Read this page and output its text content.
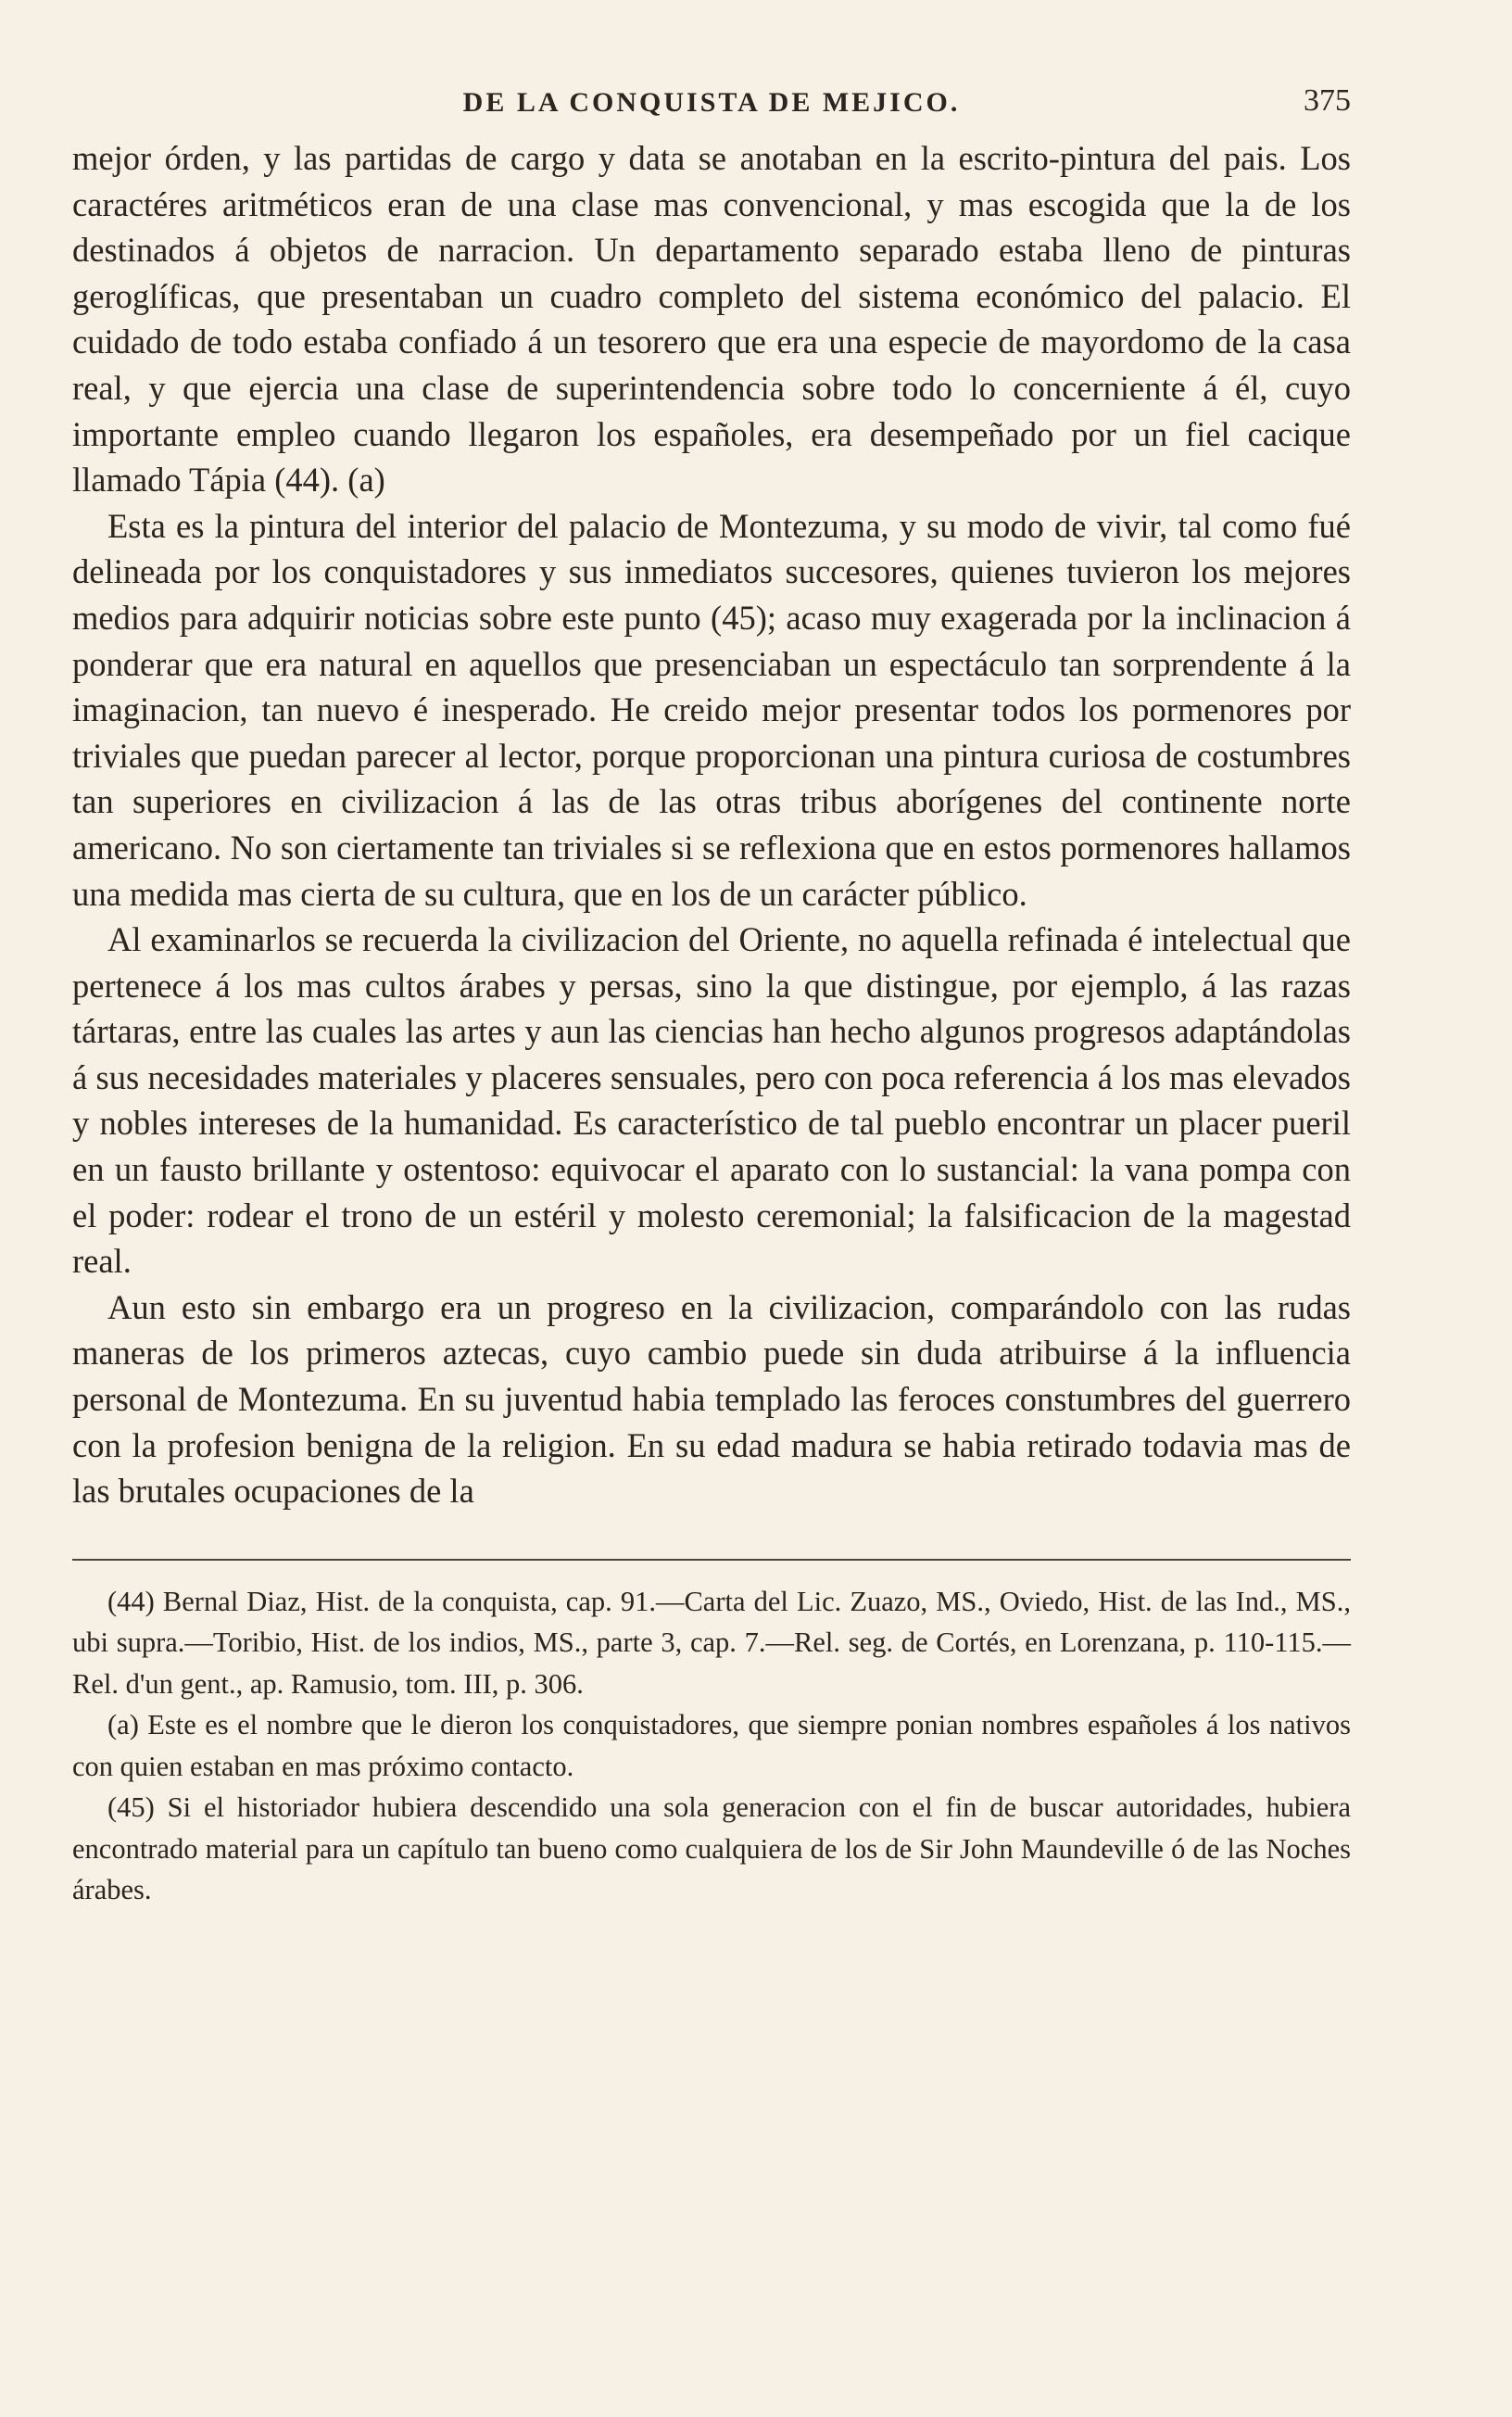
DE LA CONQUISTA DE MEJICO.	375

mejor órden, y las partidas de cargo y data se anotaban en la escrito-pintura del pais. Los caractéres aritméticos eran de una clase mas convencional, y mas escogida que la de los destinados á objetos de narracion. Un departamento separado estaba lleno de pinturas geroglíficas, que presentaban un cuadro completo del sistema económico del palacio. El cuidado de todo estaba confiado á un tesorero que era una especie de mayordomo de la casa real, y que ejercia una clase de superintendencia sobre todo lo concerniente á él, cuyo importante empleo cuando llegaron los españoles, era desempeñado por un fiel cacique llamado Tápia (44). (a)

Esta es la pintura del interior del palacio de Montezuma, y su modo de vivir, tal como fué delineada por los conquistadores y sus inmediatos succesores, quienes tuvieron los mejores medios para adquirir noticias sobre este punto (45); acaso muy exagerada por la inclinacion á ponderar que era natural en aquellos que presenciaban un espectáculo tan sorprendente á la imaginacion, tan nuevo é inesperado. He creido mejor presentar todos los pormenores por triviales que puedan parecer al lector, porque proporcionan una pintura curiosa de costumbres tan superiores en civilizacion á las de las otras tribus aborígenes del continente norte americano. No son ciertamente tan triviales si se reflexiona que en estos pormenores hallamos una medida mas cierta de su cultura, que en los de un carácter público.

Al examinarlos se recuerda la civilizacion del Oriente, no aquella refinada é intelectual que pertenece á los mas cultos árabes y persas, sino la que distingue, por ejemplo, á las razas tártaras, entre las cuales las artes y aun las ciencias han hecho algunos progresos adaptándolas á sus necesidades materiales y placeres sensuales, pero con poca referencia á los mas elevados y nobles intereses de la humanidad. Es característico de tal pueblo encontrar un placer pueril en un fausto brillante y ostentoso: equivocar el aparato con lo sustancial: la vana pompa con el poder: rodear el trono de un estéril y molesto ceremonial; la falsificacion de la magestad real.

Aun esto sin embargo era un progreso en la civilizacion, comparándolo con las rudas maneras de los primeros aztecas, cuyo cambio puede sin duda atribuirse á la influencia personal de Montezuma. En su juventud habia templado las feroces constumbres del guerrero con la profesion benigna de la religion. En su edad madura se habia retirado todavia mas de las brutales ocupaciones de la

(44) Bernal Diaz, Hist. de la conquista, cap. 91.—Carta del Lic. Zuazo, MS., Oviedo, Hist. de las Ind., MS., ubi supra.—Toribio, Hist. de los indios, MS., parte 3, cap. 7.—Rel. seg. de Cortés, en Lorenzana, p. 110-115.—Rel. d'un gent., ap. Ramusio, tom. III, p. 306.

(a) Este es el nombre que le dieron los conquistadores, que siempre ponian nombres españoles á los nativos con quien estaban en mas próximo contacto.

(45) Si el historiador hubiera descendido una sola generacion con el fin de buscar autoridades, hubiera encontrado material para un capítulo tan bueno como cualquiera de los de Sir John Maundeville ó de las Noches árabes.
